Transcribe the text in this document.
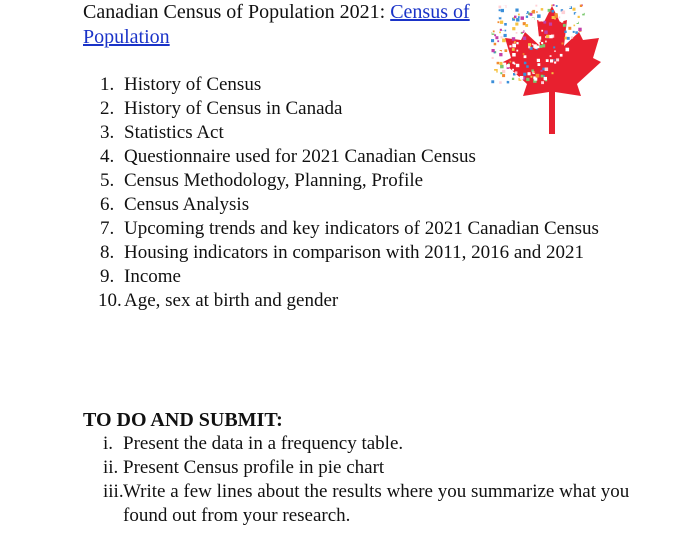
Canadian Census of Population 2021: Census of Population
1. History of Census
2. History of Census in Canada
3. Statistics Act
4. Questionnaire used for 2021 Canadian Census
5. Census Methodology, Planning, Profile
6. Census Analysis
7. Upcoming trends and key indicators of 2021 Canadian Census
8. Housing indicators in comparison with 2011, 2016 and 2021
9. Income
10. Age, sex at birth and gender
TO DO AND SUBMIT:
i. Present the data in a frequency table.
ii. Present Census profile in pie chart
iii. Write a few lines about the results where you summarize what you found out from your research.
